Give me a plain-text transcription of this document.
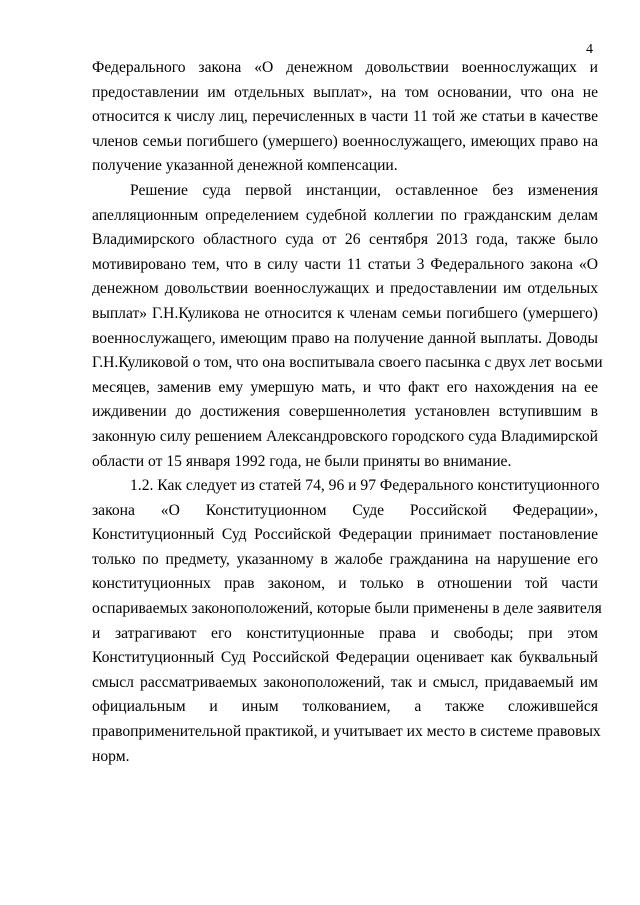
4
Федерального закона «О денежном довольствии военнослужащих и
предоставлении им отдельных выплат», на том основании, что она не
относится к числу лиц, перечисленных в части 11 той же статьи в качестве
членов семьи погибшего (умершего) военнослужащего, имеющих право на
получение указанной денежной компенсации.
Решение суда первой инстанции, оставленное без изменения
апелляционным определением судебной коллегии по гражданским делам
Владимирского областного суда от 26 сентября 2013 года, также было
мотивировано тем, что в силу части 11 статьи 3 Федерального закона «О
денежном довольствии военнослужащих и предоставлении им отдельных
выплат» Г.Н.Куликова не относится к членам семьи погибшего (умершего)
военнослужащего, имеющим право на получение данной выплаты. Доводы
Г.Н.Куликовой о том, что она воспитывала своего пасынка с двух лет восьми
месяцев, заменив ему умершую мать, и что факт его нахождения на ее
иждивении до достижения совершеннолетия установлен вступившим в
законную силу решением Александровского городского суда Владимирской
области от 15 января 1992 года, не были приняты во внимание.
1.2. Как следует из статей 74, 96 и 97 Федерального конституционного
закона «О Конституционном Суде Российской Федерации»,
Конституционный Суд Российской Федерации принимает постановление
только по предмету, указанному в жалобе гражданина на нарушение его
конституционных прав законом, и только в отношении той части
оспариваемых законоположений, которые были применены в деле заявителя
и затрагивают его конституционные права и свободы; при этом
Конституционный Суд Российской Федерации оценивает как буквальный
смысл рассматриваемых законоположений, так и смысл, придаваемый им
официальным и иным толкованием, а также сложившейся
правоприменительной практикой, и учитывает их место в системе правовых
норм.
